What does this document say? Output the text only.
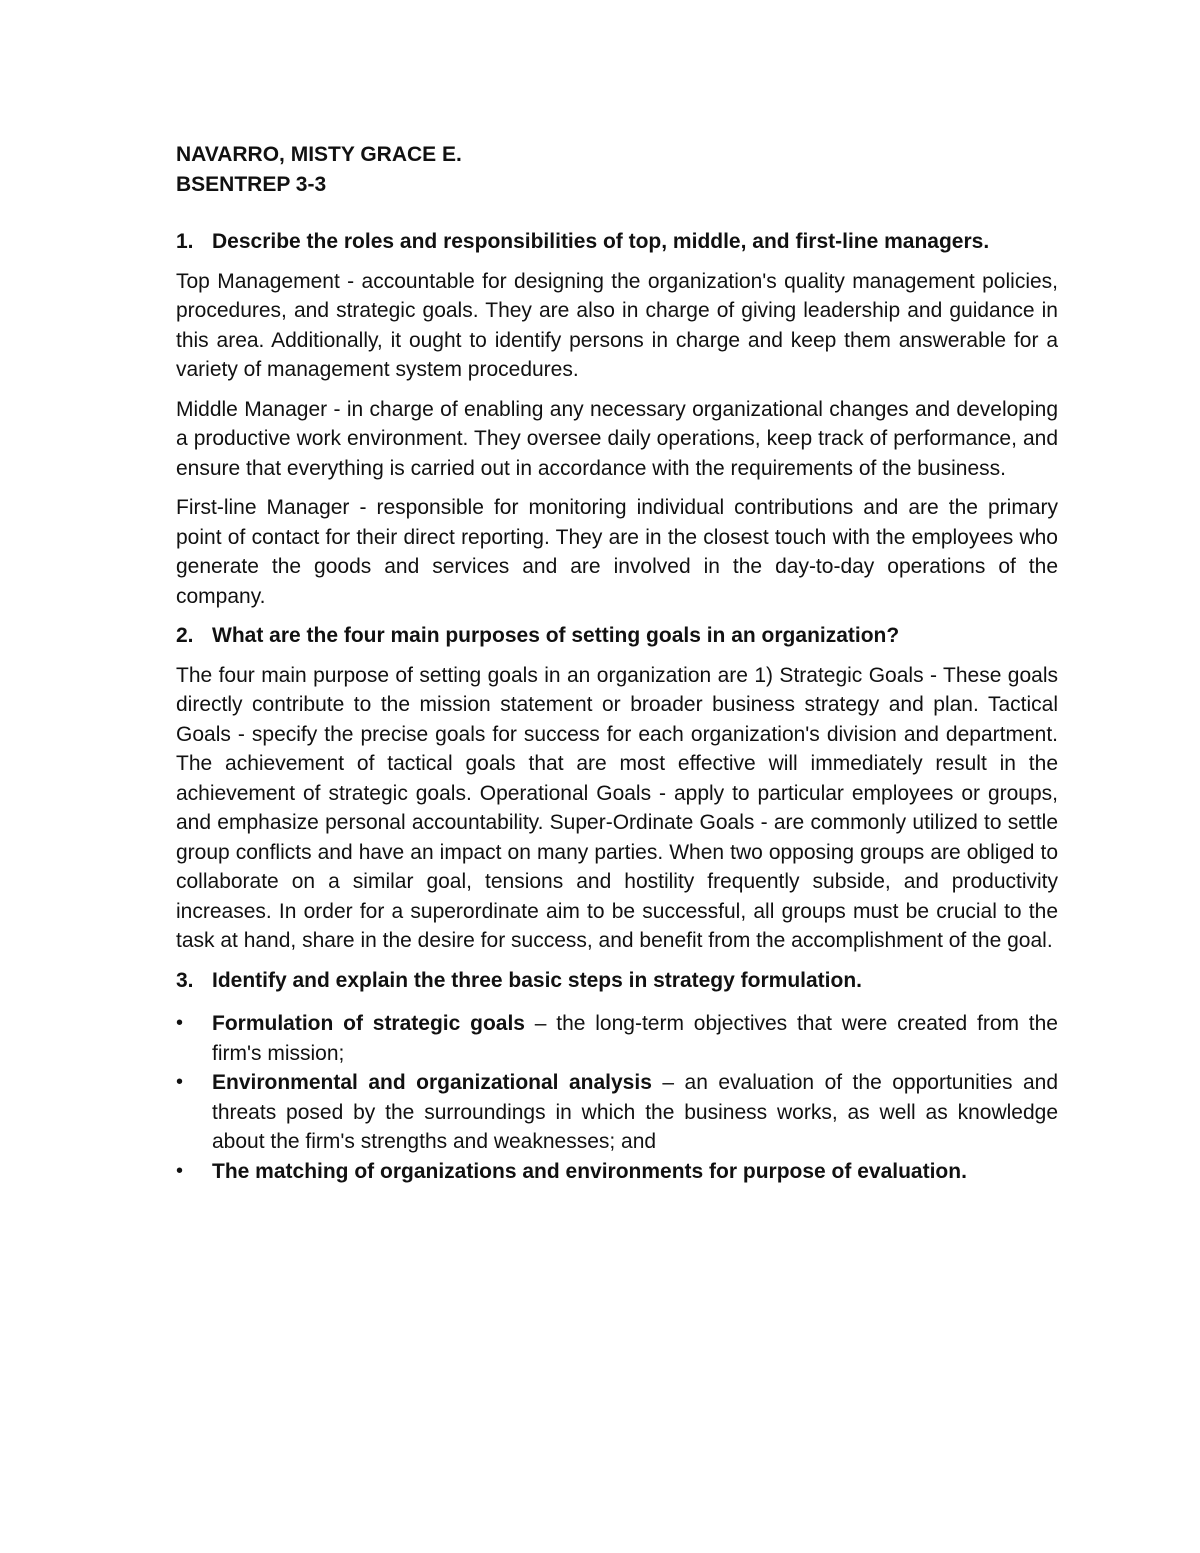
NAVARRO, MISTY GRACE E.
BSENTREP 3-3
1. Describe the roles and responsibilities of top, middle, and first-line managers.

Top Management - accountable for designing the organization's quality management policies, procedures, and strategic goals. They are also in charge of giving leadership and guidance in this area. Additionally, it ought to identify persons in charge and keep them answerable for a variety of management system procedures.

Middle Manager - in charge of enabling any necessary organizational changes and developing a productive work environment. They oversee daily operations, keep track of performance, and ensure that everything is carried out in accordance with the requirements of the business.

First-line Manager - responsible for monitoring individual contributions and are the primary point of contact for their direct reporting. They are in the closest touch with the employees who generate the goods and services and are involved in the day-to-day operations of the company.

2. What are the four main purposes of setting goals in an organization?

The four main purpose of setting goals in an organization are 1) Strategic Goals - These goals directly contribute to the mission statement or broader business strategy and plan. Tactical Goals - specify the precise goals for success for each organization's division and department. The achievement of tactical goals that are most effective will immediately result in the achievement of strategic goals. Operational Goals - apply to particular employees or groups, and emphasize personal accountability. Super-Ordinate Goals - are commonly utilized to settle group conflicts and have an impact on many parties. When two opposing groups are obliged to collaborate on a similar goal, tensions and hostility frequently subside, and productivity increases. In order for a superordinate aim to be successful, all groups must be crucial to the task at hand, share in the desire for success, and benefit from the accomplishment of the goal.

3. Identify and explain the three basic steps in strategy formulation.
•	Formulation of strategic goals – the long-term objectives that were created from the firm's mission;
•	Environmental and organizational analysis – an evaluation of the opportunities and threats posed by the surroundings in which the business works, as well as knowledge about the firm's strengths and weaknesses; and
•	The matching of organizations and environments for purpose of evaluation.
